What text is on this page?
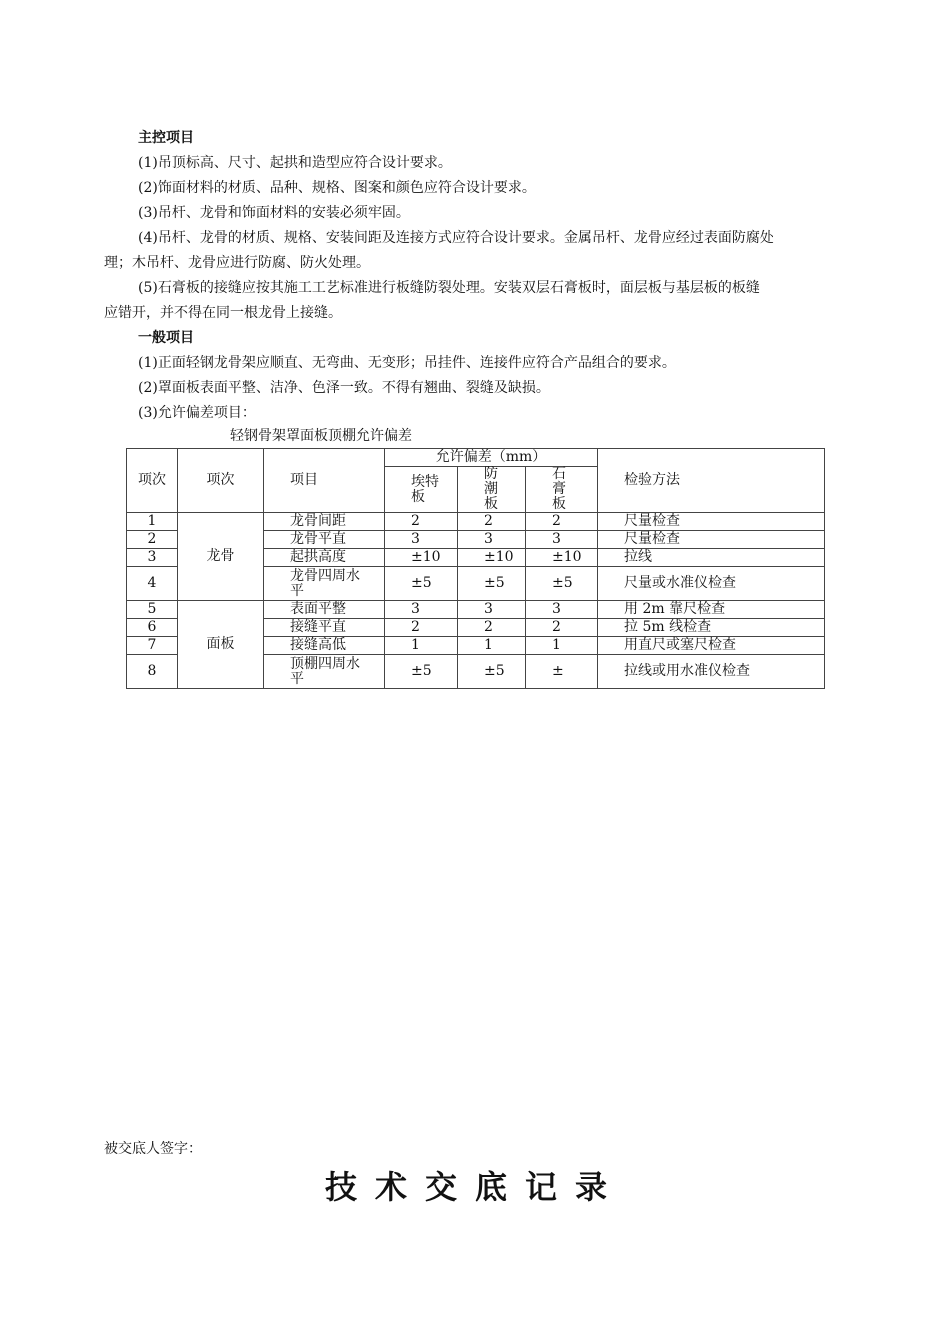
主控项目

(1)吊顶标高、尺寸、起拱和造型应符合设计要求。

(2)饰面材料的材质、品种、规格、图案和颜色应符合设计要求。

(3)吊杆、龙骨和饰面材料的安装必须牢固。

(4)吊杆、龙骨的材质、规格、安装间距及连接方式应符合设计要求。金属吊杆、龙骨应经过表面防腐处

理；木吊杆、龙骨应进行防腐、防火处理。

(5)石膏板的接缝应按其施工工艺标准进行板缝防裂处理。安装双层石膏板时，面层板与基层板的板缝

应错开，并不得在同一根龙骨上接缝。

一般项目

(1)正面轻钢龙骨架应顺直、无弯曲、无变形；吊挂件、连接件应符合产品组合的要求。

(2)罩面板表面平整、洁净、色泽一致。不得有翘曲、裂缝及缺损。

(3)允许偏差项目：

轻钢骨架罩面板顶棚允许偏差
项次	项次	项目	允许偏差（mm）			检验方法
			埃特板	防潮板	石膏板	
1	龙骨	龙骨间距	2	2	2	尺量检查
2		龙骨平直	3	3	3	尺量检查
3		起拱高度	±10	±10	±10	拉线
4		龙骨四周水平	±5	±5	±5	尺量或水准仪检查
5	面板	表面平整	3	3	3	用 2m 靠尺检查
6		接缝平直	2	2	2	拉 5m 线检查
7		接缝高低	1	1	1	用直尺或塞尺检查
8		顶棚四周水平	±5	±5	±	拉线或用水准仪检查
被交底人签字：
技术交底记录
